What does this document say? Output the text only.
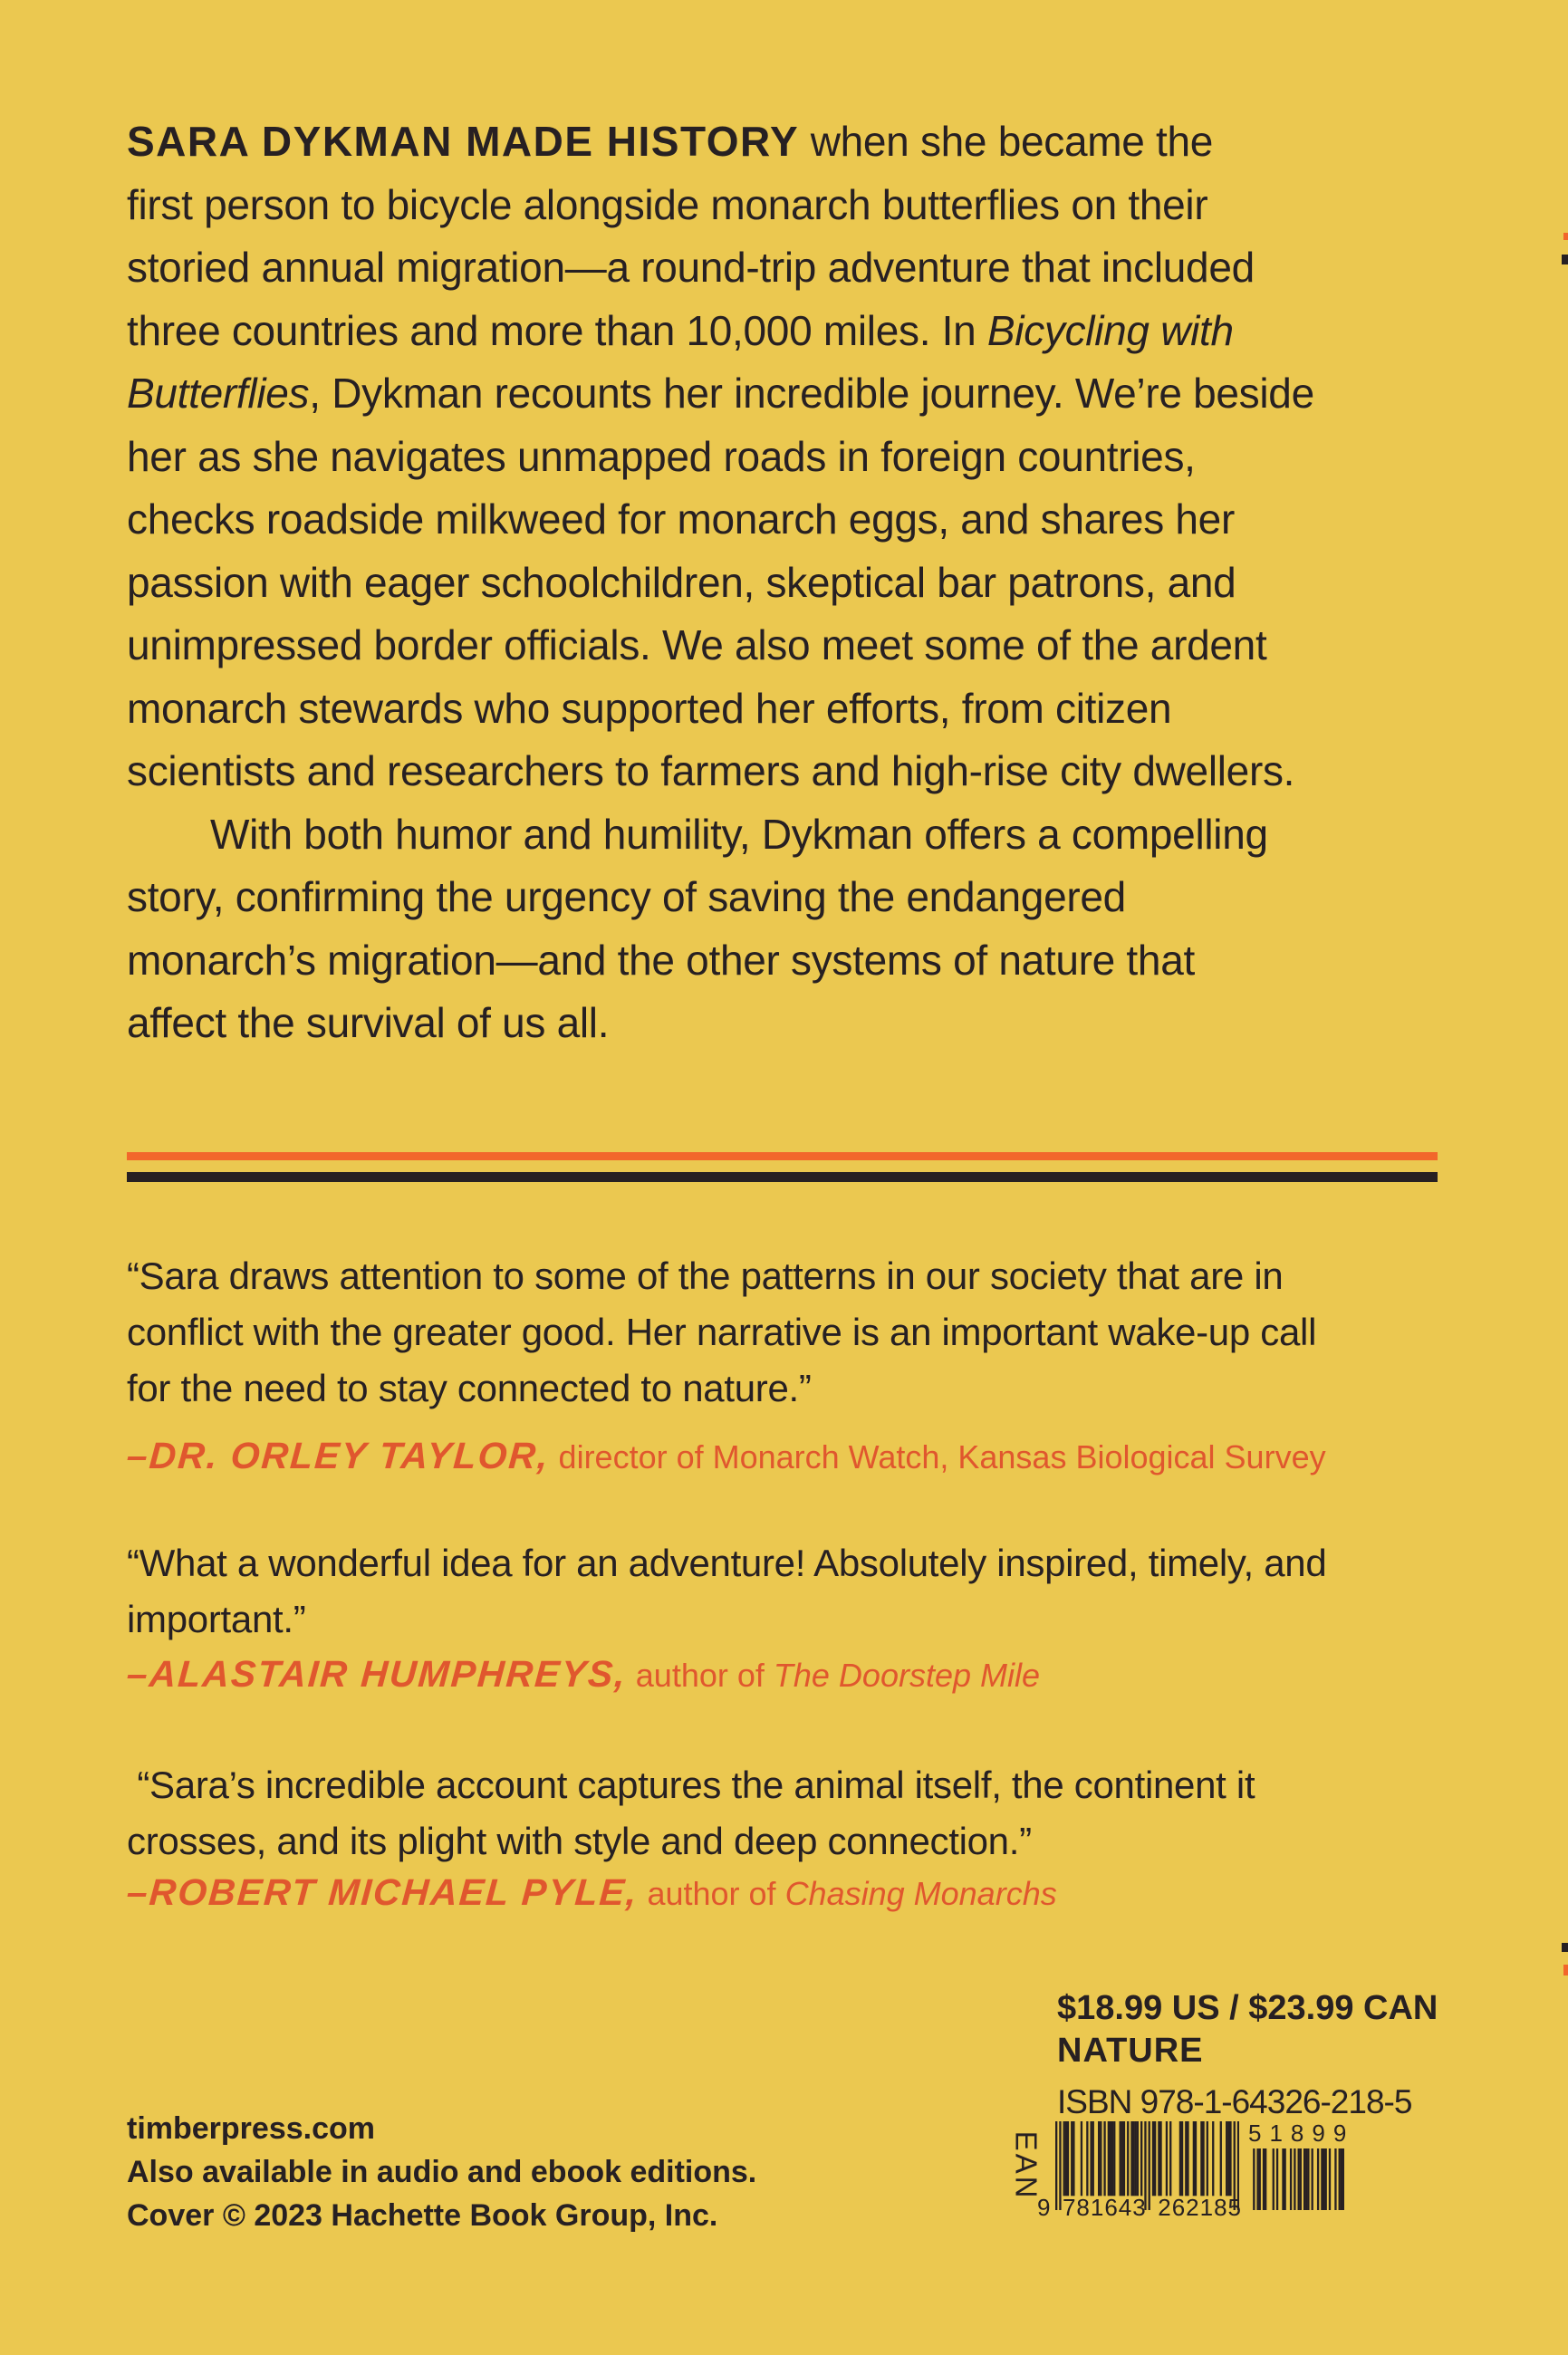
SARA DYKMAN MADE HISTORY when she became the
first person to bicycle alongside monarch butterflies on their
storied annual migration—a round-trip adventure that included
three countries and more than 10,000 miles. In Bicycling with
Butterflies, Dykman recounts her incredible journey. We’re beside
her as she navigates unmapped roads in foreign countries,
checks roadside milkweed for monarch eggs, and shares her
passion with eager schoolchildren, skeptical bar patrons, and
unimpressed border officials. We also meet some of the ardent
monarch stewards who supported her efforts, from citizen
scientists and researchers to farmers and high-rise city dwellers.
With both humor and humility, Dykman offers a compelling
story, confirming the urgency of saving the endangered
monarch’s migration—and the other systems of nature that
affect the survival of us all.
“Sara draws attention to some of the patterns in our society that are in
conflict with the greater good. Her narrative is an important wake-up call
for the need to stay connected to nature.”
–DR. ORLEY TAYLOR, director of Monarch Watch, Kansas Biological Survey
“What a wonderful idea for an adventure! Absolutely inspired, timely, and
important.”
–ALASTAIR HUMPHREYS, author of The Doorstep Mile
“Sara’s incredible account captures the animal itself, the continent it
crosses, and its plight with style and deep connection.”
–ROBERT MICHAEL PYLE, author of Chasing Monarchs
$18.99 US / $23.99 CAN
NATURE
ISBN 978-1-64326-218-5
EAN
9 781643 262185
51899
timberpress.com
Also available in audio and ebook editions.
Cover © 2023 Hachette Book Group, Inc.
